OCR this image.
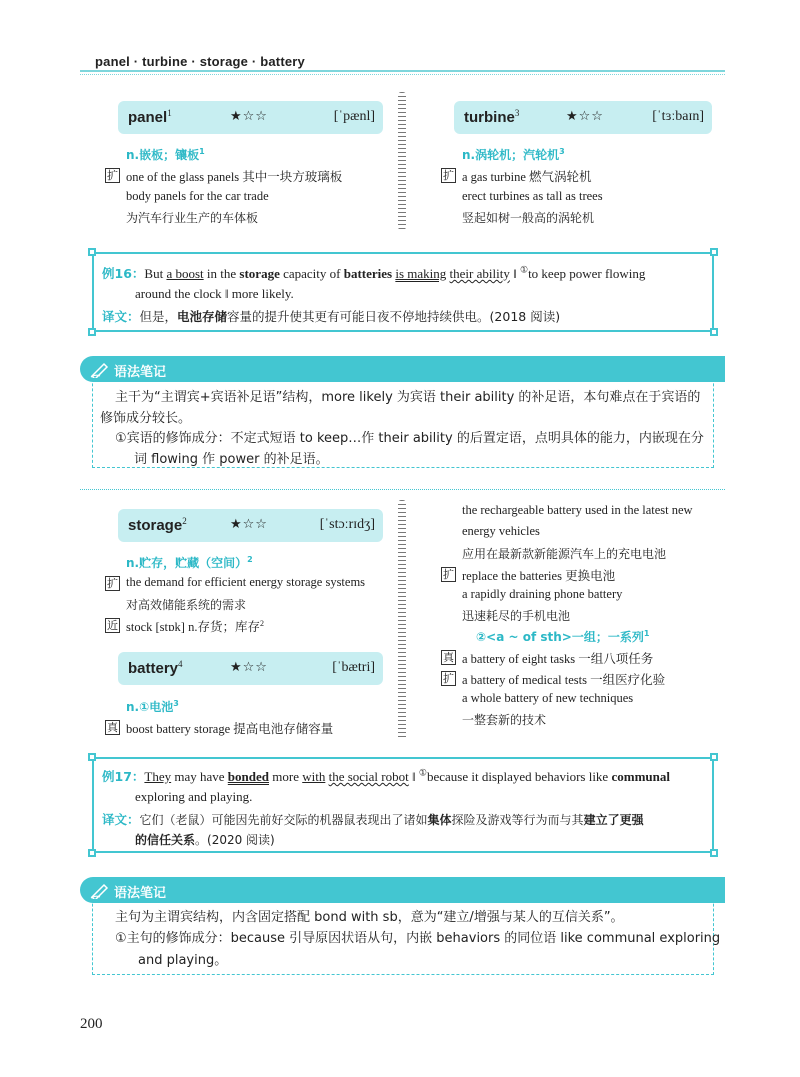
panel · turbine · storage · battery
panel$^1$	★☆☆	[ˈpænl]
n.嵌板；镶板$^1$
扩 one of the glass panels 其中一块方玻璃板
body panels for the car trade
为汽车行业生产的车体板
turbine$^3$	★☆☆	[ˈtɜːbaɪn]
n.涡轮机；汽轮机$^3$
扩 a gas turbine 燃气涡轮机
erect turbines as tall as trees
竖起如树一般高的涡轮机
例16：But a boost in the storage capacity of batteries is making their ability ‖ ①to keep power flowing
around the clock ‖ more likely.
译文：但是，电池存储容量的提升使其更有可能日夜不停地持续供电。(2018 阅读)
语法笔记
主干为“主谓宾+宾语补足语”结构，more likely 为宾语 their ability 的补足语，本句难点在于宾语的
修饰成分较长。
①宾语的修饰成分：不定式短语 to keep…作 their ability 的后置定语，点明具体的能力，内嵌现在分
词 flowing 作 power 的补足语。
storage$^2$	★☆☆	[ˈstɔːrɪdʒ]
n.贮存，贮藏（空间）$^2$
扩 the demand for efficient energy storage systems
对高效储能系统的需求
近 stock [stɒk] n.存货；库存$^2$
battery$^4$	★☆☆	[ˈbætri]
n.①电池$^3$
真 boost battery storage 提高电池存储容量
the rechargeable battery used in the latest new
energy vehicles
应用在最新款新能源汽车上的充电电池
扩 replace the batteries 更换电池
a rapidly draining phone battery
迅速耗尽的手机电池
②<a ~ of sth>一组；一系列$^1$
真 a battery of eight tasks 一组八项任务
扩 a battery of medical tests 一组医疗化验
a whole battery of new techniques
一整套新的技术
例17：They may have bonded more with the social robot ‖ ①because it displayed behaviors like communal
exploring and playing.
译文：它们（老鼠）可能因先前好交际的机器鼠表现出了诸如集体探险及游戏等行为而与其建立了更强
的信任关系。(2020 阅读)
语法笔记
主句为主谓宾结构，内含固定搭配 bond with sb，意为“建立/增强与某人的互信关系”。
①主句的修饰成分：because 引导原因状语从句，内嵌 behaviors 的同位语 like communal exploring
and playing。
200
